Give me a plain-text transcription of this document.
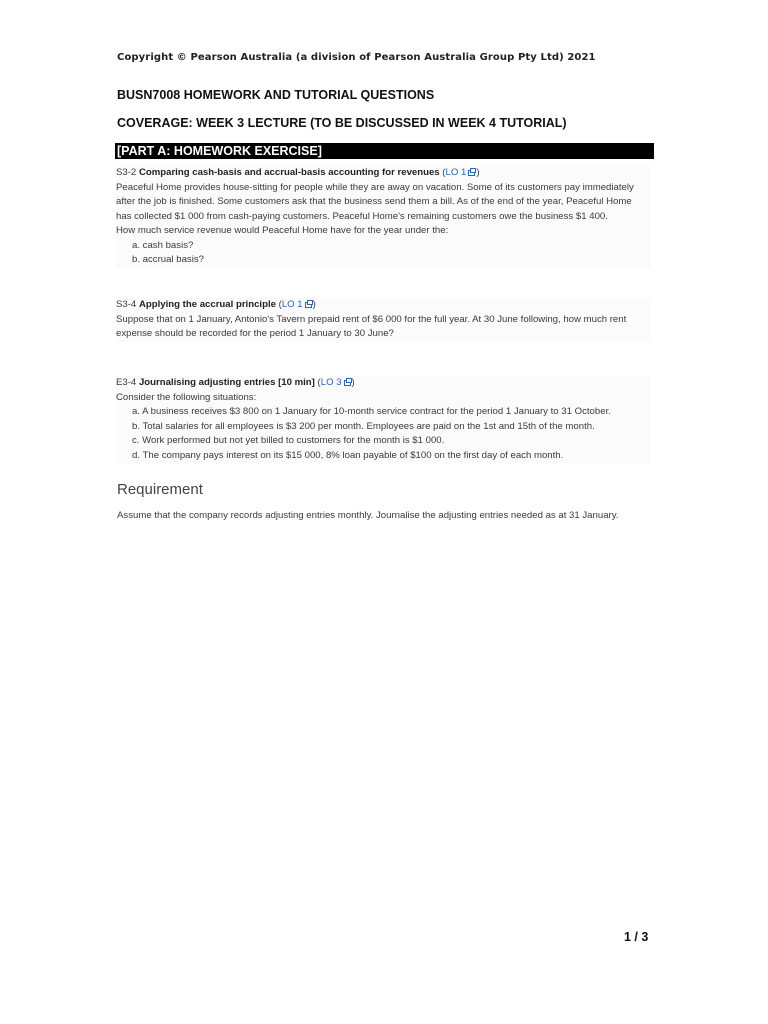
Copyright © Pearson Australia (a division of Pearson Australia Group Pty Ltd) 2021
BUSN7008 HOMEWORK AND TUTORIAL QUESTIONS
COVERAGE: WEEK 3 LECTURE (TO BE DISCUSSED IN WEEK 4 TUTORIAL)
[PART A: HOMEWORK EXERCISE]
S3-2 Comparing cash-basis and accrual-basis accounting for revenues (LO 1 )

Peaceful Home provides house-sitting for people while they are away on vacation. Some of its customers pay immediately

after the job is finished. Some customers ask that the business send them a bill. As of the end of the year, Peaceful Home

has collected $1 000 from cash-paying customers. Peaceful Home's remaining customers owe the business $1 400.

How much service revenue would Peaceful Home have for the year under the:

a. cash basis?
b. accrual basis?
S3-4 Applying the accrual principle (LO 1 )

Suppose that on 1 January, Antonio's Tavern prepaid rent of $6 000 for the full year. At 30 June following, how much rent

expense should be recorded for the period 1 January to 30 June?

E3-4 Journalising adjusting entries [10 min] (LO 3 )

Consider the following situations:

a. A business receives $3 800 on 1 January for 10-month service contract for the period 1 January to 31 October.
b. Total salaries for all employees is $3 200 per month. Employees are paid on the 1st and 15th of the month.
c. Work performed but not yet billed to customers for the month is $1 000.
d. The company pays interest on its $15 000, 8% loan payable of $100 on the first day of each month.
Requirement
Assume that the company records adjusting entries monthly. Journalise the adjusting entries needed as at 31 January.
1 / 3
